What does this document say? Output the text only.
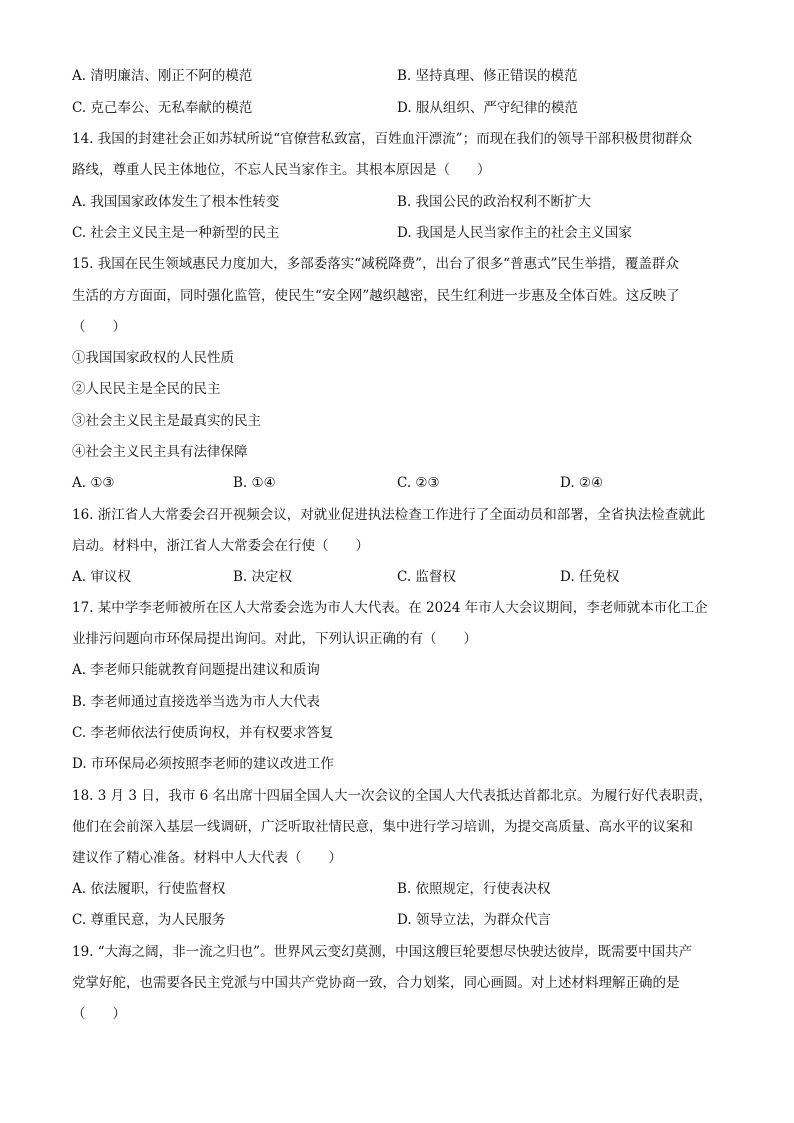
A. 清明廉洁、刚正不阿的模范	B. 坚持真理、修正错误的模范
C. 克己奉公、无私奉献的模范	D. 服从组织、严守纪律的模范
14. 我国的封建社会正如苏轼所说“官僚营私致富，百姓血汗漂流”；而现在我们的领导干部积极贯彻群众
路线，尊重人民主体地位，不忘人民当家作主。其根本原因是（　　）
A. 我国国家政体发生了根本性转变	B. 我国公民的政治权利不断扩大
C. 社会主义民主是一种新型的民主	D. 我国是人民当家作主的社会主义国家
15. 我国在民生领域惠民力度加大，多部委落实“减税降费”，出台了很多“普惠式”民生举措，覆盖群众
生活的方方面面，同时强化监管，使民生“安全网”越织越密，民生红利进一步惠及全体百姓。这反映了
（　　）
①我国国家政权的人民性质
②人民民主是全民的民主
③社会主义民主是最真实的民主
④社会主义民主具有法律保障
A. ①③	B. ①④	C. ②③	D. ②④
16. 浙江省人大常委会召开视频会议，对就业促进执法检查工作进行了全面动员和部署，全省执法检查就此
启动。材料中，浙江省人大常委会在行使（　　）
A. 审议权	B. 决定权	C. 监督权	D. 任免权
17. 某中学李老师被所在区人大常委会选为市人大代表。在 2024 年市人大会议期间，李老师就本市化工企
业排污问题向市环保局提出询问。对此，下列认识正确的有（　　）
A. 李老师只能就教育问题提出建议和质询
B. 李老师通过直接选举当选为市人大代表
C. 李老师依法行使质询权，并有权要求答复
D. 市环保局必须按照李老师的建议改进工作
18. 3 月 3 日，我市 6 名出席十四届全国人大一次会议的全国人大代表抵达首都北京。为履行好代表职责，
他们在会前深入基层一线调研，广泛听取社情民意，集中进行学习培训，为提交高质量、高水平的议案和
建议作了精心准备。材料中人大代表（　　）
A. 依法履职，行使监督权	B. 依照规定，行使表决权
C. 尊重民意，为人民服务	D. 领导立法，为群众代言
19. “大海之阔，非一流之归也”。世界风云变幻莫测，中国这艘巨轮要想尽快驶达彼岸，既需要中国共产
党掌好舵，也需要各民主党派与中国共产党协商一致，合力划桨，同心画圆。对上述材料理解正确的是
（　　）
